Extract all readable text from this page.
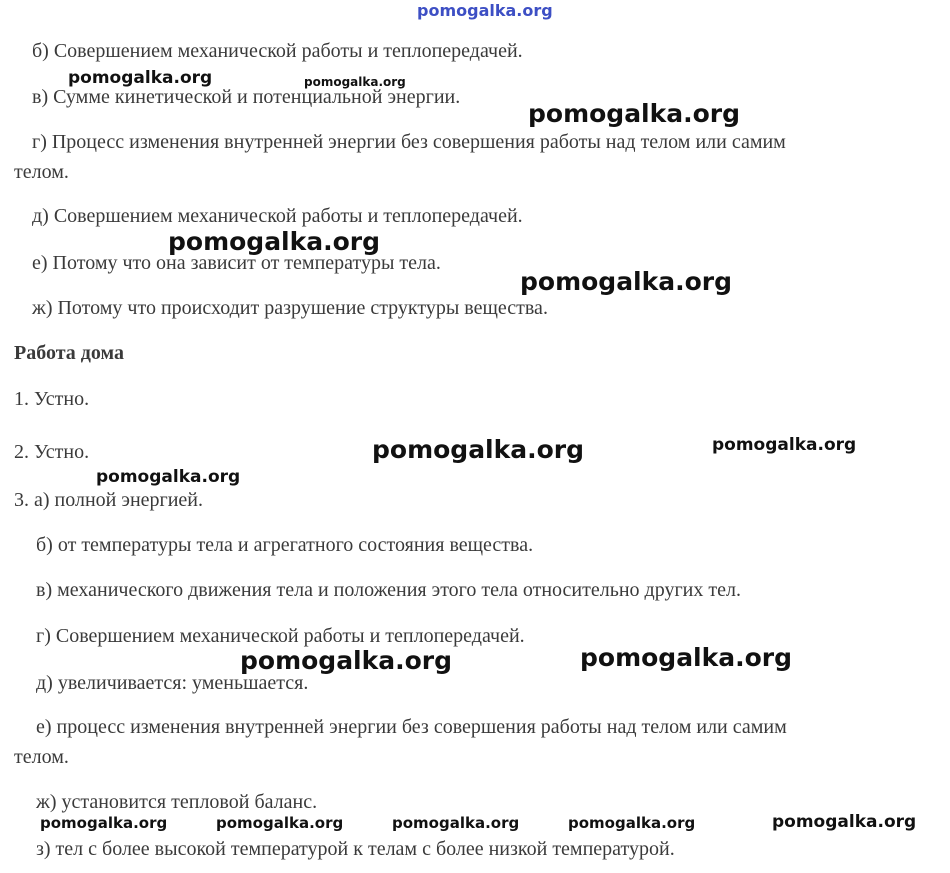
pomogalka.org

б) Совершением механической работы и теплопередачей.

в) Сумме кинетической и потенциальной энергии.

г) Процесс изменения внутренней энергии без совершения работы над телом или самим

телом.

д) Совершением механической работы и теплопередачей.

е) Потому что она зависит от температуры тела.

ж) Потому что происходит разрушение структуры вещества.

Работа дома

1. Устно.

2. Устно.

3. а) полной энергией.

б) от температуры тела и агрегатного состояния вещества.

в) механического движения тела и положения этого тела относительно других тел.

г) Совершением механической работы и теплопередачей.

д) увеличивается: уменьшается.

е) процесс изменения внутренней энергии без совершения работы над телом или самим

телом.

ж) установится тепловой баланс.

з) тел с более высокой температурой к телам с более низкой температурой.

pomogalka.org	pomogalka.org
pomogalka.org
pomogalka.org
pomogalka.org
pomogalka.org	pomogalka.org
pomogalka.org
pomogalka.org	pomogalka.org
pomogalka.org	pomogalka.org	pomogalka.org	pomogalka.org	pomogalka.org
